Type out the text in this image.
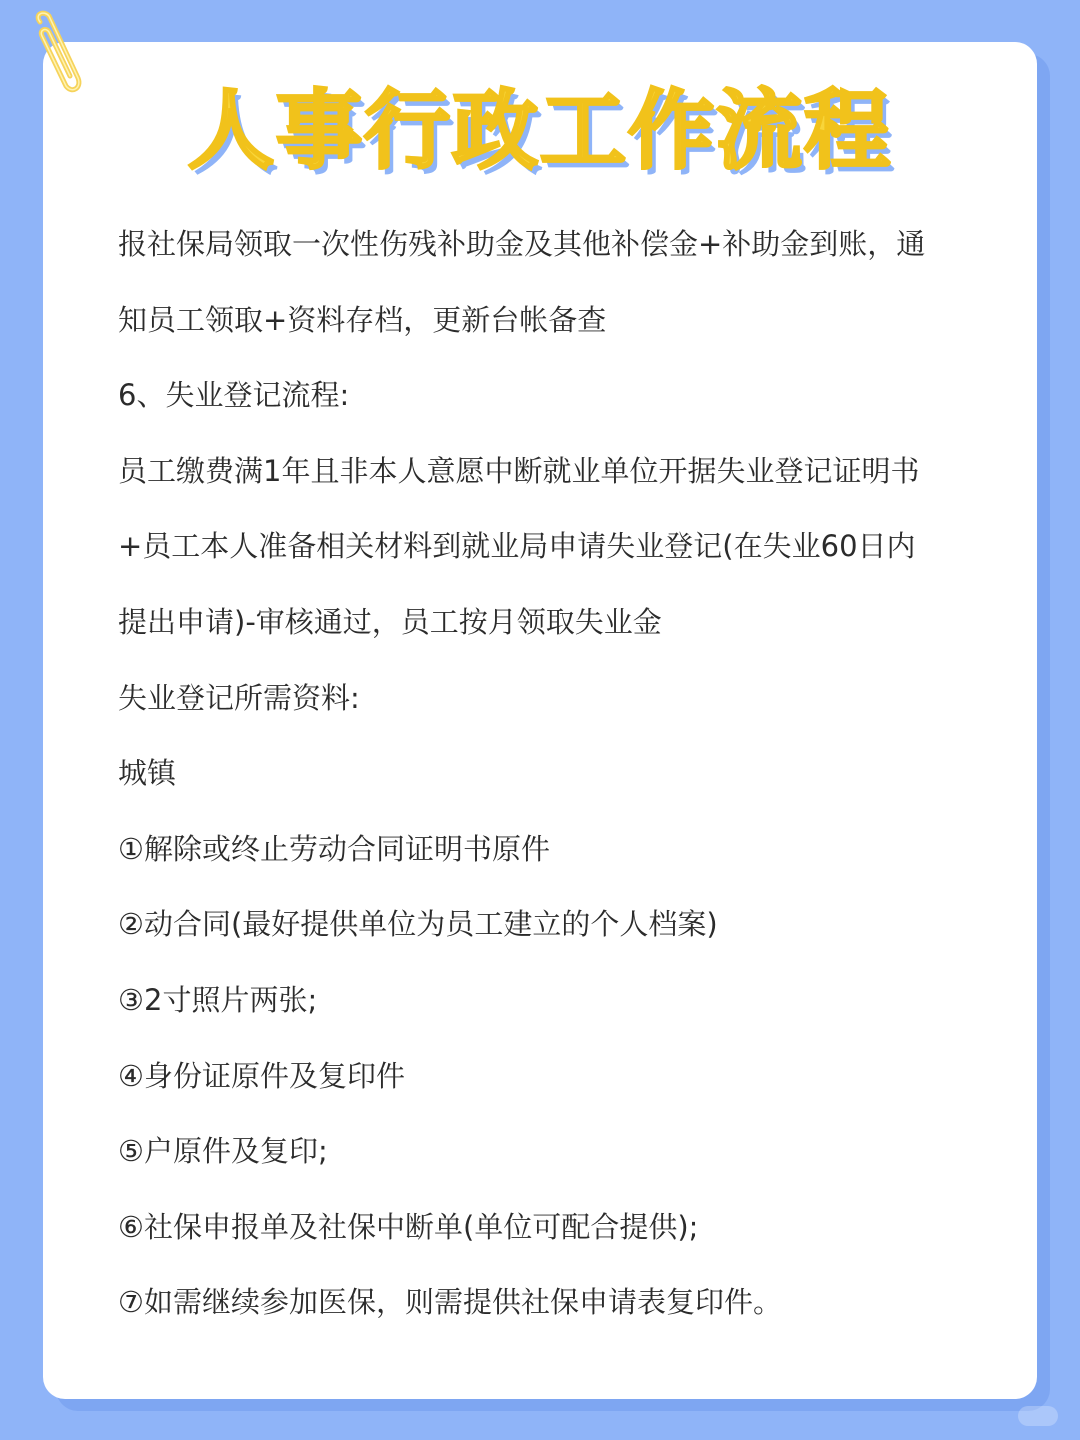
人事行政工作流程
报社保局领取一次性伤残补助金及其他补偿金+补助金到账，通
知员工领取+资料存档，更新台帐备查
6、失业登记流程:
员工缴费满1年且非本人意愿中断就业单位开据失业登记证明书
+员工本人准备相关材料到就业局申请失业登记(在失业60日内
提出申请)-审核通过，员工按月领取失业金
失业登记所需资料:
城镇
①解除或终止劳动合同证明书原件
②动合同(最好提供单位为员工建立的个人档案)
③2寸照片两张;
④身份证原件及复印件
⑤户原件及复印;
⑥社保申报单及社保中断单(单位可配合提供);
⑦如需继续参加医保，则需提供社保申请表复印件。
